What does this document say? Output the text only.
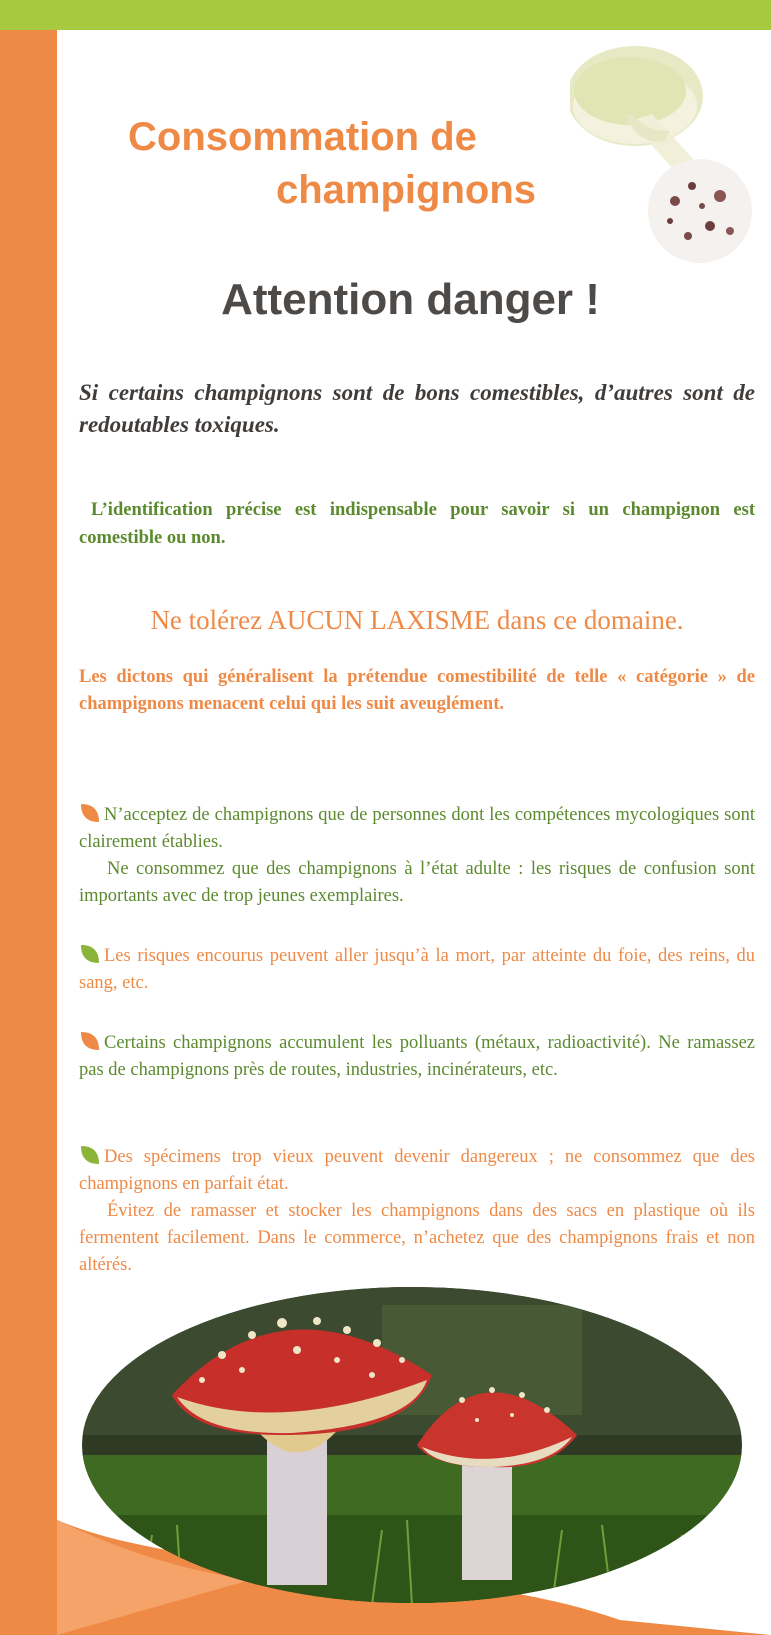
Consommation de
champignons
Attention danger !

Si certains champignons sont de bons comestibles, d’autres sont de redoutables toxiques.

L’identification précise est indispensable pour savoir si un champignon est comestible ou non.

Ne tolérez AUCUN LAXISME dans ce domaine.

Les dictons qui généralisent la prétendue comestibilité de telle « catégorie » de champignons menacent celui qui les suit aveuglément.

N’acceptez de champignons que de personnes dont les compétences mycologiques sont clairement établies.

Ne consommez que des champignons à l’état adulte : les risques de confusion sont importants avec de trop jeunes exemplaires.

Les risques encourus peuvent aller jusqu’à la mort, par atteinte du foie, des reins, du sang, etc.

Certains champignons accumulent les polluants (métaux, radioactivité). Ne ramassez pas de champignons près de routes, industries, incinérateurs, etc.

Des spécimens trop vieux peuvent devenir dangereux ; ne consommez que des champignons en parfait état.

Évitez de ramasser et stocker les champignons dans des sacs en plastique où ils fermentent facilement. Dans le commerce, n’achetez que des champignons frais et non altérés.
